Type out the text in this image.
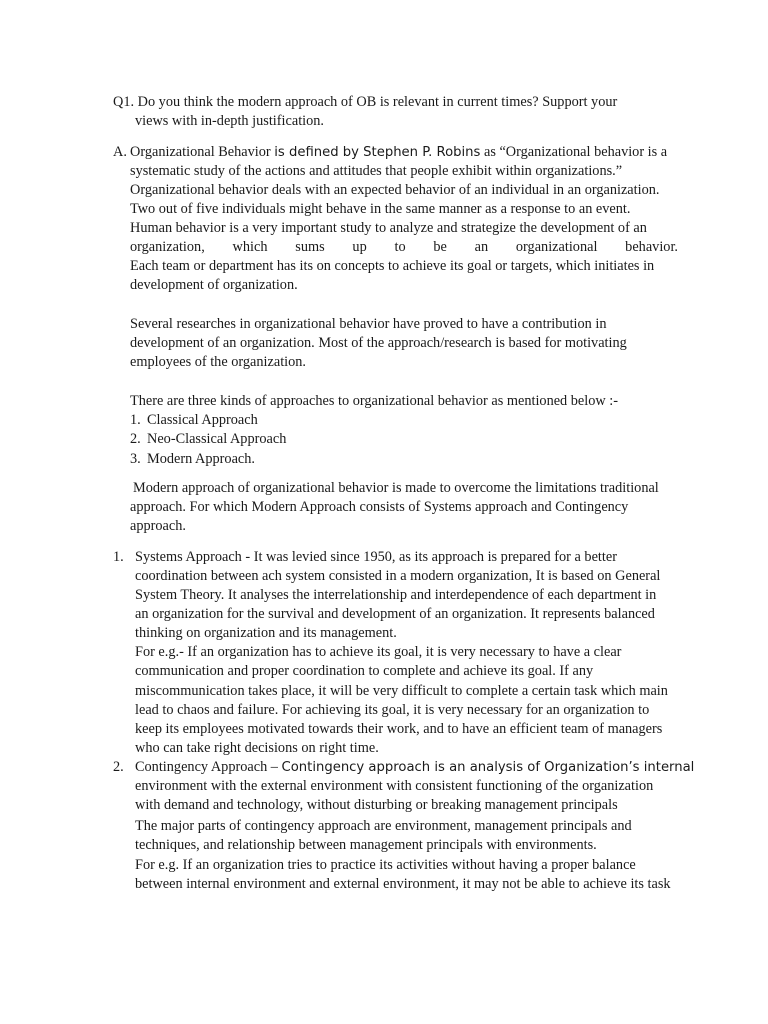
Q1. Do you think the modern approach of OB is relevant in current times? Support your
views with in-depth justification.
A. Organizational Behavior is defined by Stephen P. Robins as “Organizational behavior is a
systematic study of the actions and attitudes that people exhibit within organizations.”
Organizational behavior deals with an expected behavior of an individual in an organization.
Two out of five individuals might behave in the same manner as a response to an event.
Human behavior is a very important study to analyze and strategize the development of an
organization, which sums up to be an organizational behavior.
Each team or department has its on concepts to achieve its goal or targets, which initiates in
development of organization.
Several researches in organizational behavior have proved to have a contribution in
development of an organization. Most of the approach/research is based for motivating
employees of the organization.
There are three kinds of approaches to organizational behavior as mentioned below :-
1. Classical Approach
2. Neo-Classical Approach
3. Modern Approach.
Modern approach of organizational behavior is made to overcome the limitations traditional
approach. For which Modern Approach consists of Systems approach and Contingency
approach.
1. Systems Approach - It was levied since 1950, as its approach is prepared for a better
coordination between ach system consisted in a modern organization, It is based on General
System Theory. It analyses the interrelationship and interdependence of each department in
an organization for the survival and development of an organization. It represents balanced
thinking on organization and its management.
For e.g.- If an organization has to achieve its goal, it is very necessary to have a clear
communication and proper coordination to complete and achieve its goal. If any
miscommunication takes place, it will be very difficult to complete a certain task which main
lead to chaos and failure. For achieving its goal, it is very necessary for an organization to
keep its employees motivated towards their work, and to have an efficient team of managers
who can take right decisions on right time.
2. Contingency Approach – Contingency approach is an analysis of Organization’s internal
environment with the external environment with consistent functioning of the organization
with demand and technology, without disturbing or breaking management principals
The major parts of contingency approach are environment, management principals and
techniques, and relationship between management principals with environments.
For e.g. If an organization tries to practice its activities without having a proper balance
between internal environment and external environment, it may not be able to achieve its task
